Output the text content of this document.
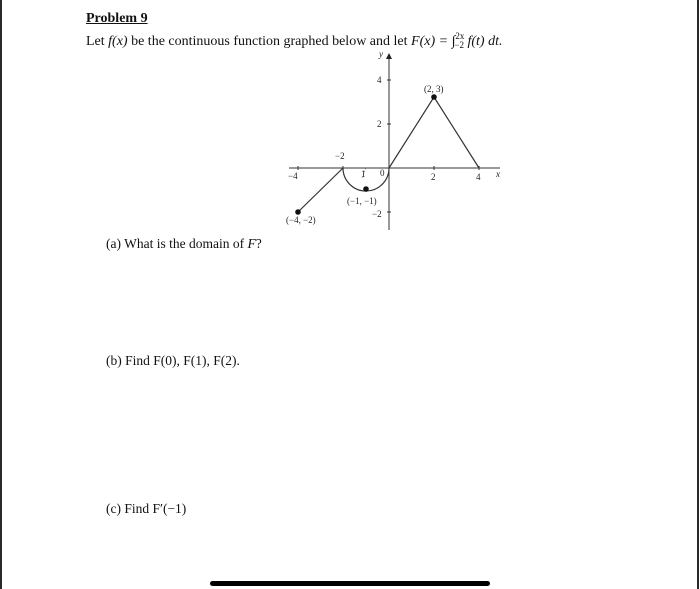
Problem 9
Let f(x) be the continuous function graphed below and let F(x) = ∫$^{2x}_{-2}$ f(t) dt.
y
x
4
2
−2
−4
−2
2	4
0
1
(2, 3)
(−1, −1)
(−4, −2)
(a) What is the domain of F?
(b) Find F(0), F(1), F(2).
(c) Find F′(−1)
